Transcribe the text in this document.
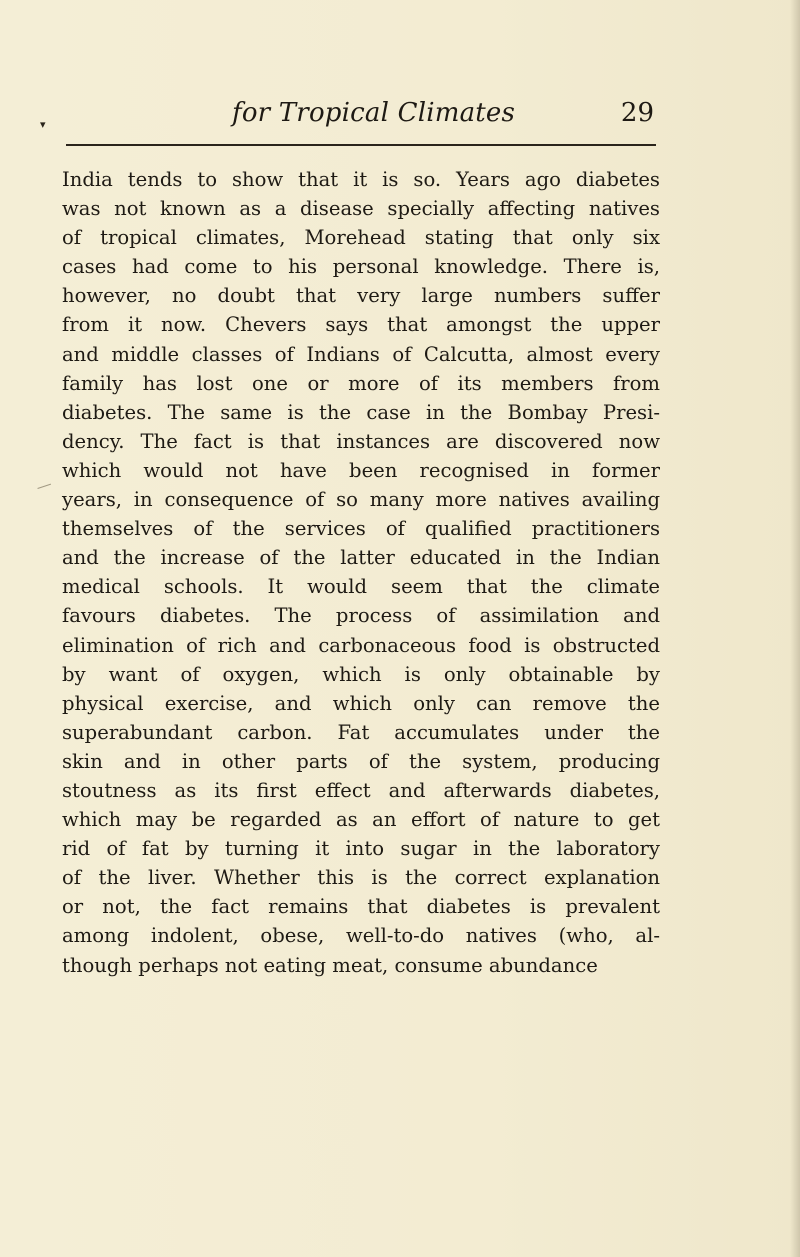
▾	for Tropical Climates	29
India tends to show that it is so. Years ago diabetes
was not known as a disease specially affecting natives
of tropical climates, Morehead stating that only six
cases had come to his personal knowledge. There is,
however, no doubt that very large numbers suffer
from it now. Chevers says that amongst the upper
and middle classes of Indians of Calcutta, almost every
family has lost one or more of its members from
diabetes. The same is the case in the Bombay Presi-
dency. The fact is that instances are discovered now
which would not have been recognised in former
years, in consequence of so many more natives availing
themselves of the services of qualified practitioners
and the increase of the latter educated in the Indian
medical schools. It would seem that the climate
favours diabetes. The process of assimilation and
elimination of rich and carbonaceous food is obstructed
by want of oxygen, which is only obtainable by
physical exercise, and which only can remove the
superabundant carbon. Fat accumulates under the
skin and in other parts of the system, producing
stoutness as its first effect and afterwards diabetes,
which may be regarded as an effort of nature to get
rid of fat by turning it into sugar in the laboratory
of the liver. Whether this is the correct explanation
or not, the fact remains that diabetes is prevalent
among indolent, obese, well-to-do natives (who, al-
though perhaps not eating meat, consume abundance
